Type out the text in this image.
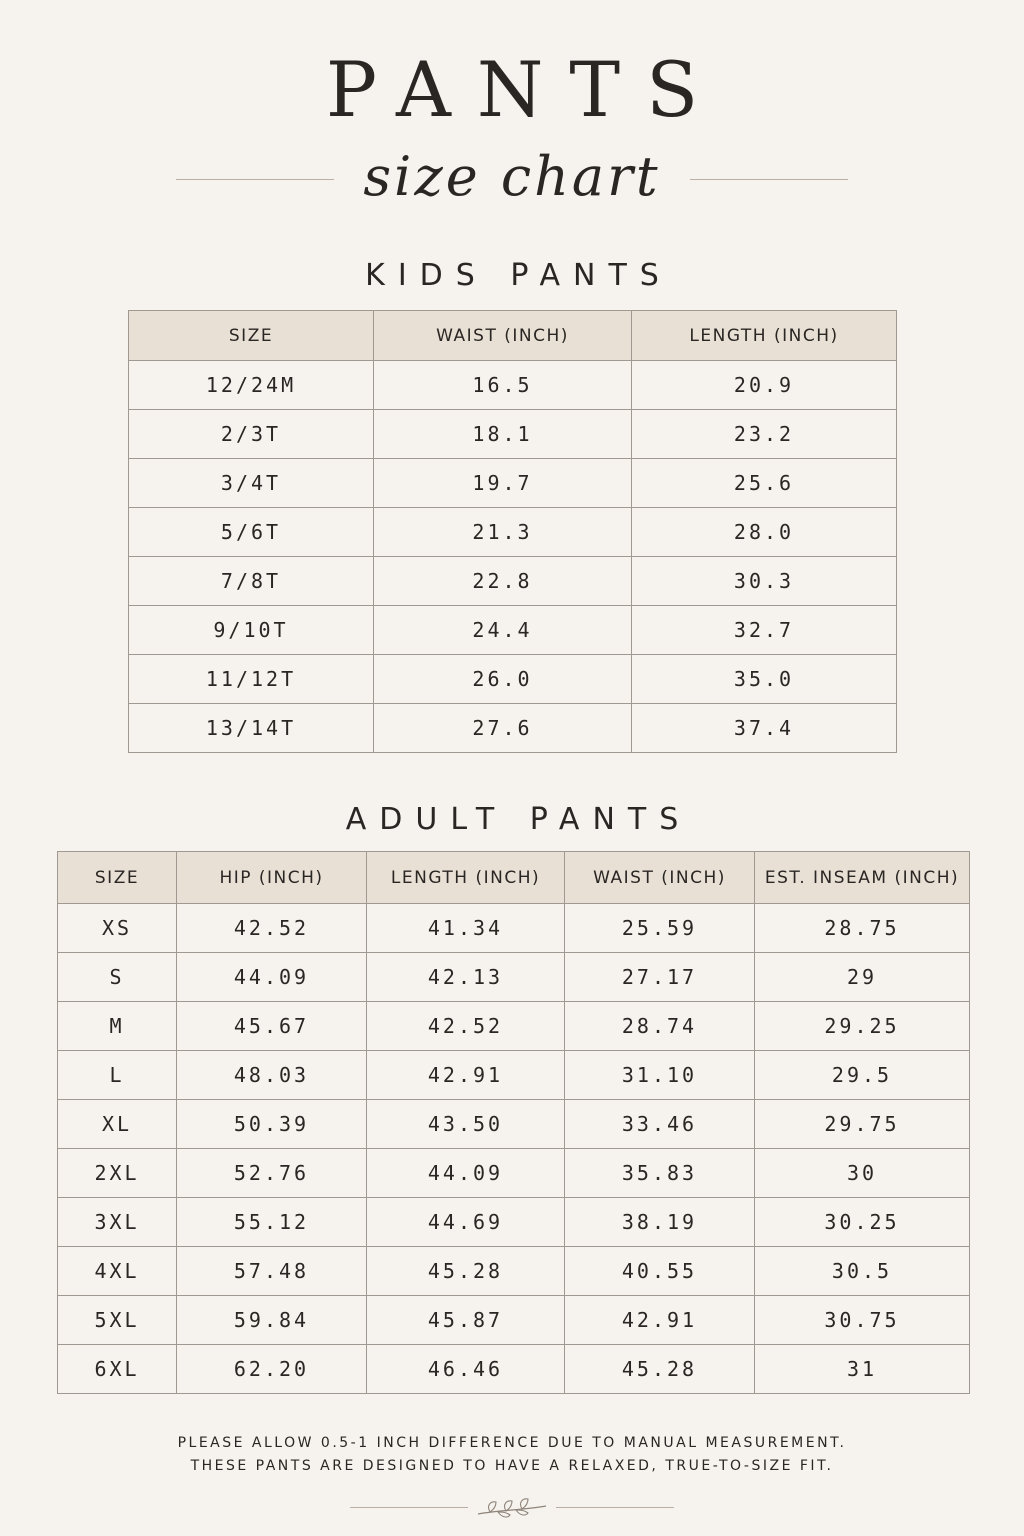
PANTS
size chart
KIDS PANTS
SIZE	WAIST (INCH)	LENGTH (INCH)
12/24M	16.5	20.9
2/3T	18.1	23.2
3/4T	19.7	25.6
5/6T	21.3	28.0
7/8T	22.8	30.3
9/10T	24.4	32.7
11/12T	26.0	35.0
13/14T	27.6	37.4
ADULT PANTS
SIZE	HIP (INCH)	LENGTH (INCH)	WAIST (INCH)	EST. INSEAM (INCH)
XS	42.52	41.34	25.59	28.75
S	44.09	42.13	27.17	29
M	45.67	42.52	28.74	29.25
L	48.03	42.91	31.10	29.5
XL	50.39	43.50	33.46	29.75
2XL	52.76	44.09	35.83	30
3XL	55.12	44.69	38.19	30.25
4XL	57.48	45.28	40.55	30.5
5XL	59.84	45.87	42.91	30.75
6XL	62.20	46.46	45.28	31
PLEASE ALLOW 0.5-1 INCH DIFFERENCE DUE TO MANUAL MEASUREMENT.
THESE PANTS ARE DESIGNED TO HAVE A RELAXED, TRUE-TO-SIZE FIT.
